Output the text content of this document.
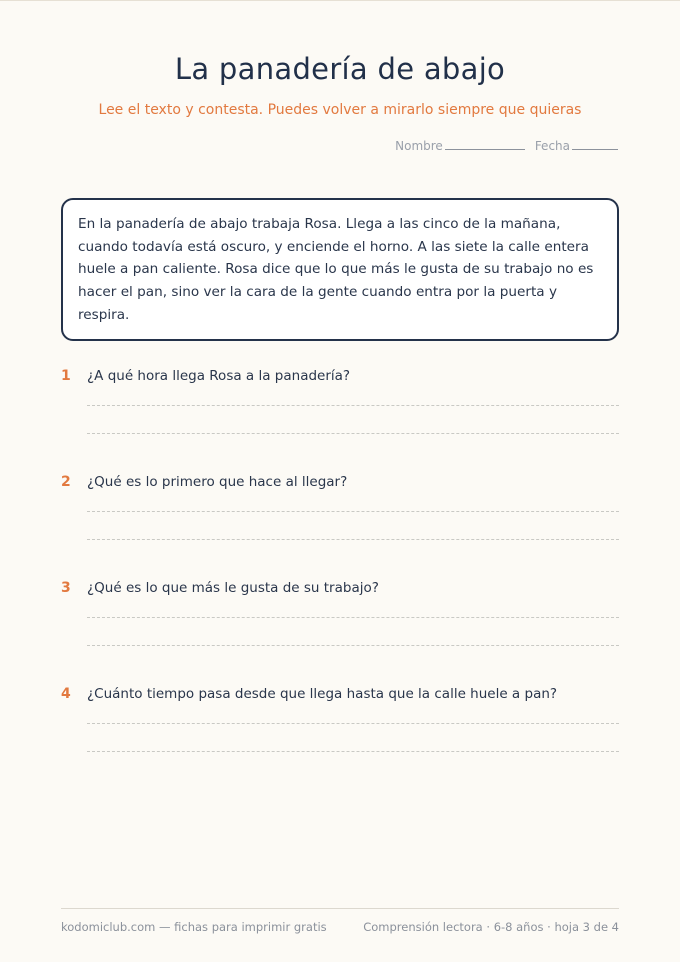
La panadería de abajo
Lee el texto y contesta. Puedes volver a mirarlo siempre que quieras
Nombre	Fecha
En la panadería de abajo trabaja Rosa. Llega a las cinco de la mañana, cuando todavía está oscuro, y enciende el horno. A las siete la calle entera huele a pan caliente. Rosa dice que lo que más le gusta de su trabajo no es hacer el pan, sino ver la cara de la gente cuando entra por la puerta y respira.
1 ¿A qué hora llega Rosa a la panadería?
2 ¿Qué es lo primero que hace al llegar?
3 ¿Qué es lo que más le gusta de su trabajo?
4 ¿Cuánto tiempo pasa desde que llega hasta que la calle huele a pan?
kodomiclub.com — fichas para imprimir gratis	Comprensión lectora · 6-8 años · hoja 3 de 4
